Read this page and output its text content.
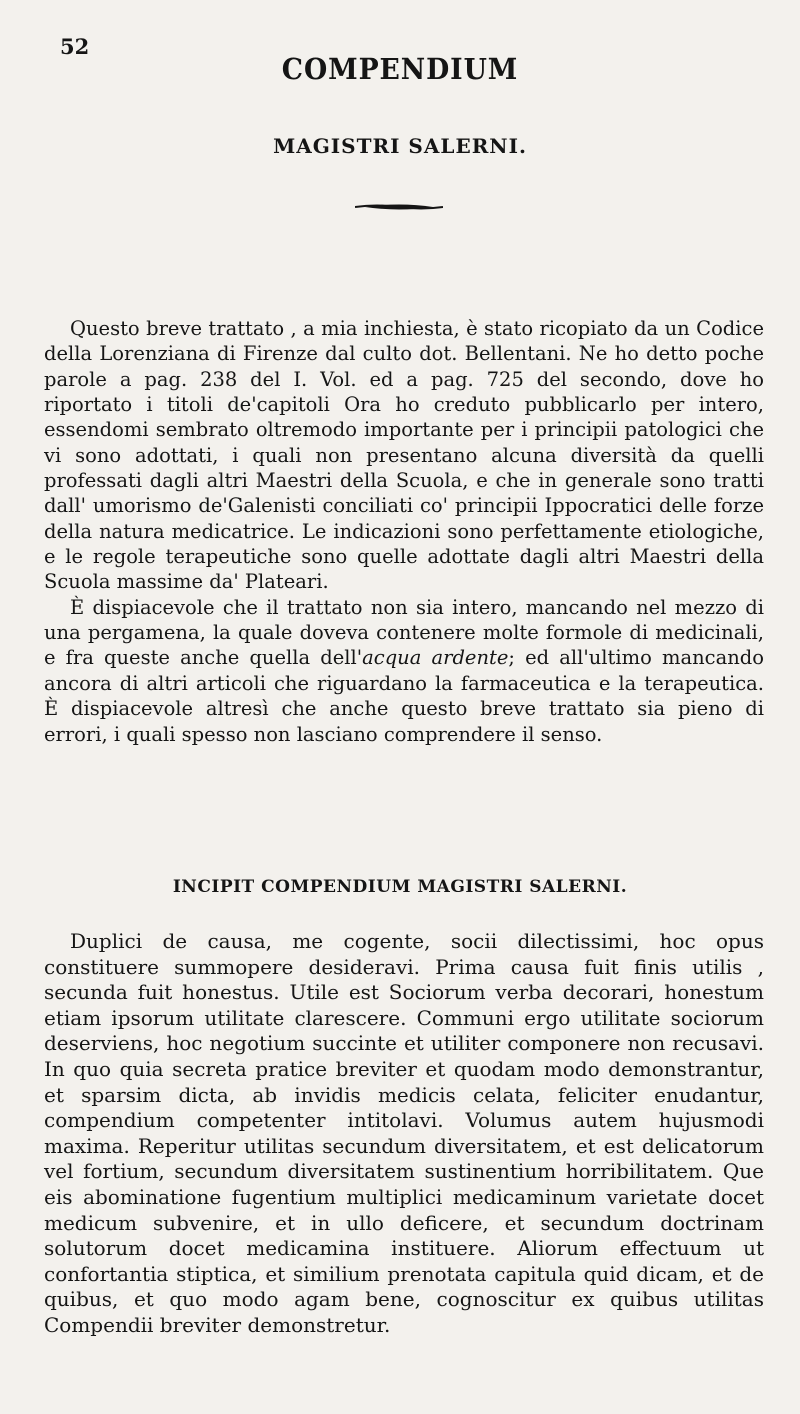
52
COMPENDIUM
MAGISTRI SALERNI.

Questo breve trattato , a mia inchiesta, è stato ricopiato da un Codice della Lorenziana di Firenze dal culto dot. Bellentani. Ne ho detto poche parole a pag. 238 del I. Vol. ed a pag. 725 del secondo, dove ho riportato i titoli de'capitoli Ora ho creduto pubblicarlo per intero, essendomi sembrato oltremodo importante per i principii patologici che vi sono adottati, i quali non presentano alcuna diversità da quelli professati dagli altri Maestri della Scuola, e che in generale sono tratti dall' umorismo de'Galenisti conciliati co' principii Ippocratici delle forze della natura medicatrice. Le indicazioni sono perfettamente etiologiche, e le regole terapeutiche sono quelle adottate dagli altri Maestri della Scuola massime da' Plateari.

È dispiacevole che il trattato non sia intero, mancando nel mezzo di una pergamena, la quale doveva contenere molte formole di medicinali, e fra queste anche quella dell'acqua ardente; ed all'ultimo mancando ancora di altri articoli che riguardano la farmaceutica e la terapeutica. È dispiacevole altresì che anche questo breve trattato sia pieno di errori, i quali spesso non lasciano comprendere il senso.

INCIPIT COMPENDIUM MAGISTRI SALERNI.

Duplici de causa, me cogente, socii dilectissimi, hoc opus constituere summopere desideravi. Prima causa fuit finis utilis , secunda fuit honestus. Utile est Sociorum verba decorari, honestum etiam ipsorum utilitate clarescere. Communi ergo utilitate sociorum deserviens, hoc negotium succinte et utiliter componere non recusavi. In quo quia secreta pratice breviter et quodam modo demonstrantur, et sparsim dicta, ab invidis medicis celata, feliciter enudantur, compendium competenter intitolavi. Volumus autem hujusmodi maxima. Reperitur utilitas secundum diversitatem, et est delicatorum vel fortium, secundum diversitatem sustinentium horribilitatem. Que eis abominatione fugentium multiplici medicaminum varietate docet medicum subvenire, et in ullo deficere, et secundum doctrinam solutorum docet medicamina instituere. Aliorum effectuum ut confortantia stiptica, et similium prenotata capitula quid dicam, et de quibus, et quo modo agam bene, cognoscitur ex quibus utilitas Compendii breviter demonstretur.
